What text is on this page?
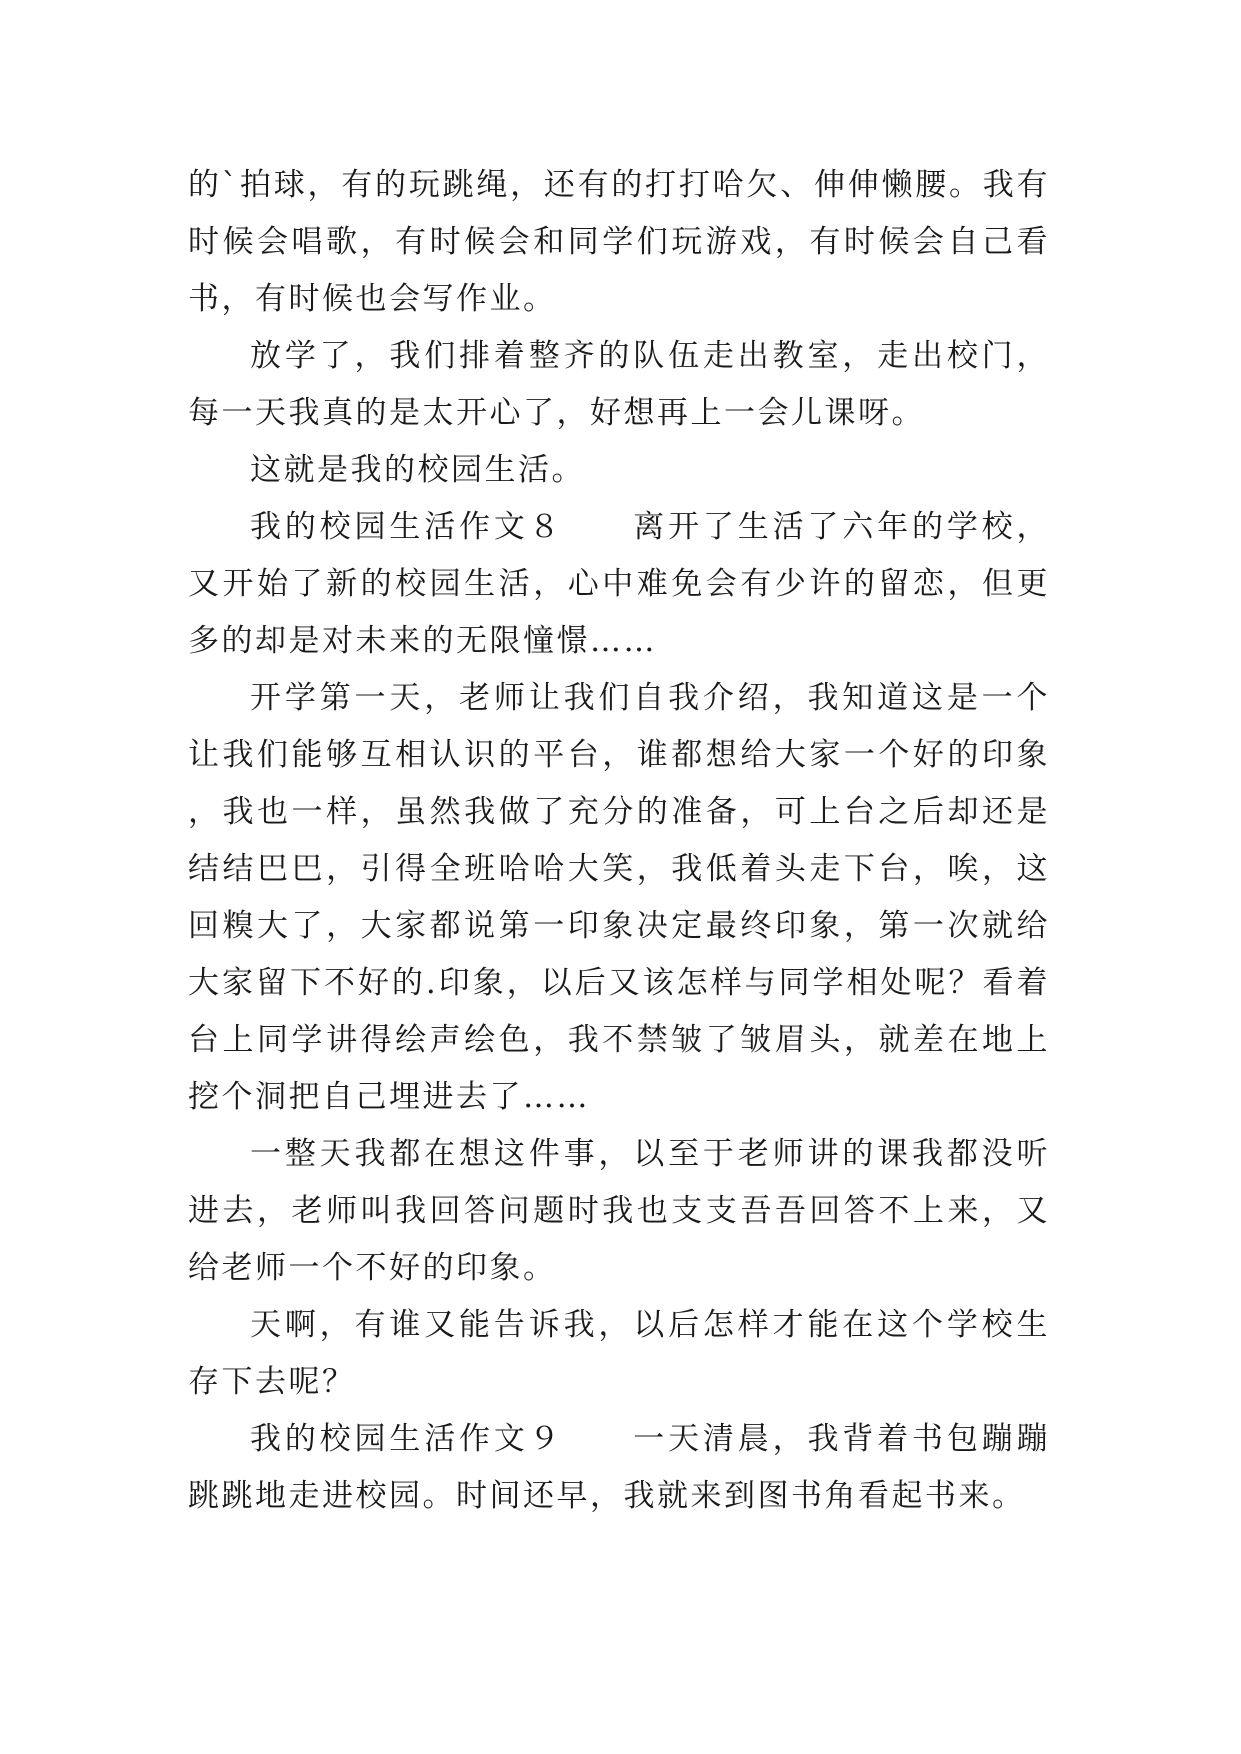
的`拍球，有的玩跳绳，还有的打打哈欠、伸伸懒腰。我有时候会唱歌，有时候会和同学们玩游戏，有时候会自己看书，有时候也会写作业。

放学了，我们排着整齐的队伍走出教室，走出校门，每一天我真的是太开心了，好想再上一会儿课呀。

这就是我的校园生活。

我的校园生活作文８　　离开了生活了六年的学校，又开始了新的校园生活，心中难免会有少许的留恋，但更多的却是对未来的无限憧憬……

开学第一天，老师让我们自我介绍，我知道这是一个让我们能够互相认识的平台，谁都想给大家一个好的印象，我也一样，虽然我做了充分的准备，可上台之后却还是结结巴巴，引得全班哈哈大笑，我低着头走下台，唉，这回糗大了，大家都说第一印象决定最终印象，第一次就给大家留下不好的.印象，以后又该怎样与同学相处呢？看着台上同学讲得绘声绘色，我不禁皱了皱眉头，就差在地上挖个洞把自己埋进去了……

一整天我都在想这件事，以至于老师讲的课我都没听进去，老师叫我回答问题时我也支支吾吾回答不上来，又给老师一个不好的印象。

天啊，有谁又能告诉我，以后怎样才能在这个学校生存下去呢？

我的校园生活作文９　　一天清晨，我背着书包蹦蹦跳跳地走进校园。时间还早，我就来到图书角看起书来。
